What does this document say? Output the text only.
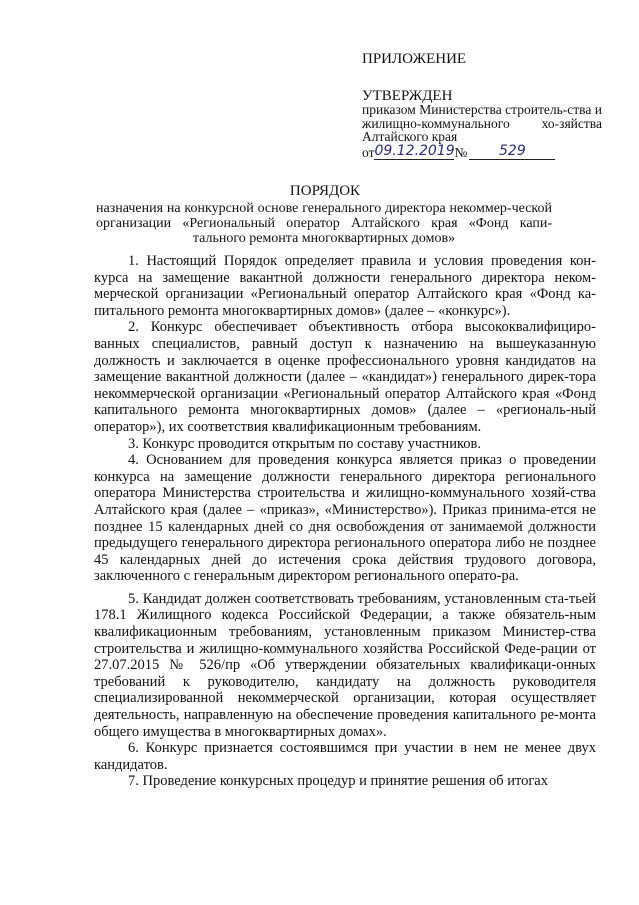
ПРИЛОЖЕНИЕ
УТВЕРЖДЕН
приказом Министерства строитель-ства и жилищно-коммунального хо-зяйства Алтайского края
от 09.12.2019 №	529
ПОРЯДОК
назначения на конкурсной основе генерального директора некоммер-ческой организации «Региональный оператор Алтайского края «Фонд капи-тального ремонта многоквартирных домов»

1. Настоящий Порядок определяет правила и условия проведения кон-курса на замещение вакантной должности генерального директора неком-мерческой организации «Региональный оператор Алтайского края «Фонд ка-питального ремонта многоквартирных домов» (далее – «конкурс»).

2. Конкурс обеспечивает объективность отбора высококвалифициро-ванных специалистов, равный доступ к назначению на вышеуказанную должность и заключается в оценке профессионального уровня кандидатов на замещение вакантной должности (далее – «кандидат») генерального дирек-тора некоммерческой организации «Региональный оператор Алтайского края «Фонд капитального ремонта многоквартирных домов» (далее – «региональ-ный оператор»), их соответствия квалификационным требованиям.

3. Конкурс проводится открытым по составу участников.

4. Основанием для проведения конкурса является приказ о проведении конкурса на замещение должности генерального директора регионального оператора Министерства строительства и жилищно-коммунального хозяй-ства Алтайского края (далее – «приказ», «Министерство»). Приказ принима-ется не позднее 15 календарных дней со дня освобождения от занимаемой должности предыдущего генерального директора регионального оператора либо не позднее 45 календарных дней до истечения срока действия трудового договора, заключенного с генеральным директором регионального операто-ра.

5. Кандидат должен соответствовать требованиям, установленным ста-тьей 178.1 Жилищного кодекса Российской Федерации, а также обязатель-ным квалификационным требованиям, установленным приказом Министер-ства строительства и жилищно-коммунального хозяйства Российской Феде-рации от 27.07.2015 № 526/пр «Об утверждении обязательных квалификаци-онных требований к руководителю, кандидату на должность руководителя специализированной некоммерческой организации, которая осуществляет деятельность, направленную на обеспечение проведения капитального ре-монта общего имущества в многоквартирных домах».

6. Конкурс признается состоявшимся при участии в нем не менее двух кандидатов.

7. Проведение конкурсных процедур и принятие решения об итогах
